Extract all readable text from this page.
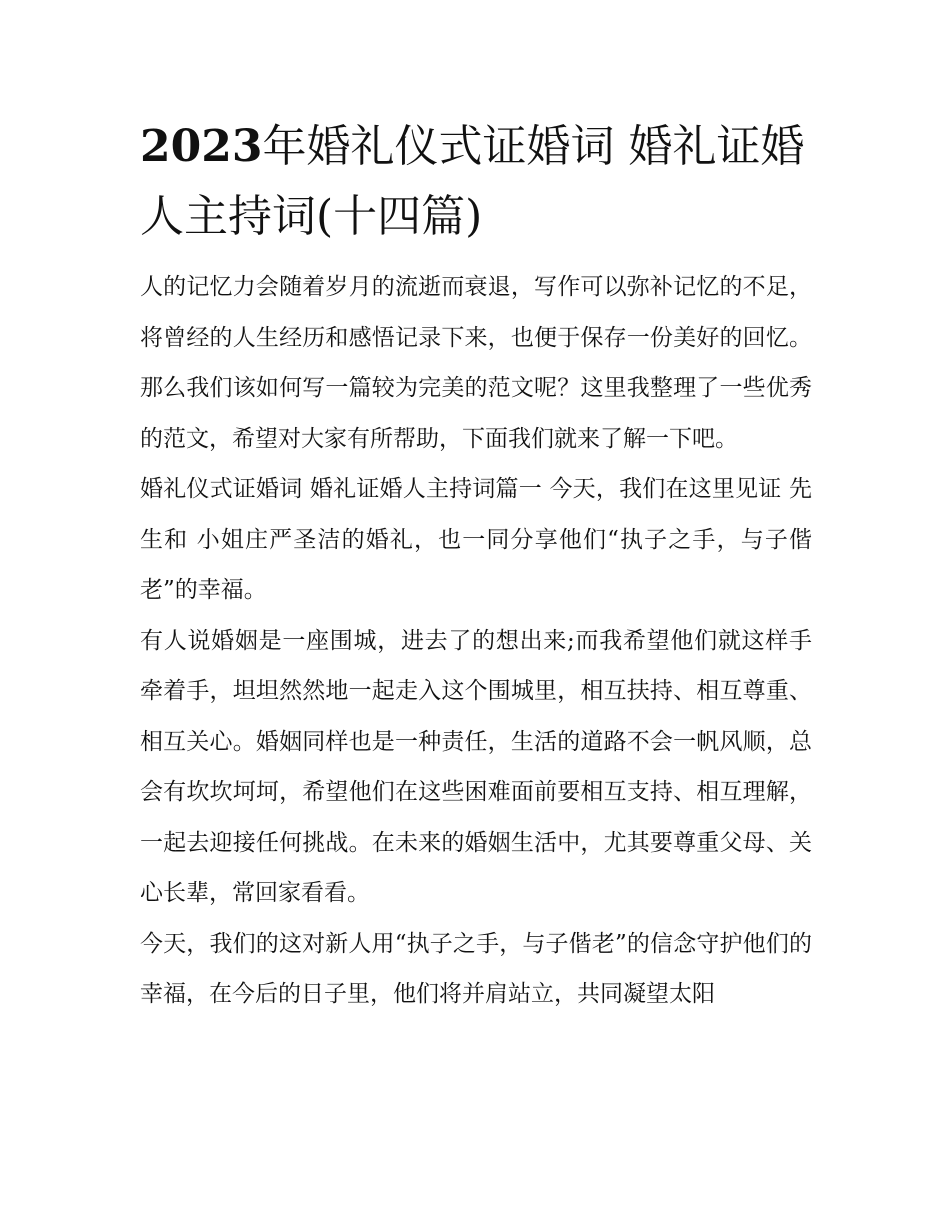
2023年婚礼仪式证婚词 婚礼证婚人主持词(十四篇)

人的记忆力会随着岁月的流逝而衰退，写作可以弥补记忆的不足，将曾经的人生经历和感悟记录下来，也便于保存一份美好的回忆。那么我们该如何写一篇较为完美的范文呢？这里我整理了一些优秀的范文，希望对大家有所帮助，下面我们就来了解一下吧。

婚礼仪式证婚词 婚礼证婚人主持词篇一 今天，我们在这里见证 先生和 小姐庄严圣洁的婚礼，也一同分享他们“执子之手，与子偕老”的幸福。

有人说婚姻是一座围城，进去了的想出来;而我希望他们就这样手牵着手，坦坦然然地一起走入这个围城里，相互扶持、相互尊重、相互关心。婚姻同样也是一种责任，生活的道路不会一帆风顺，总会有坎坎坷坷，希望他们在这些困难面前要相互支持、相互理解，一起去迎接任何挑战。在未来的婚姻生活中，尤其要尊重父母、关心长辈，常回家看看。

今天，我们的这对新人用“执子之手，与子偕老”的信念守护他们的幸福，在今后的日子里，他们将并肩站立，共同凝望太阳
